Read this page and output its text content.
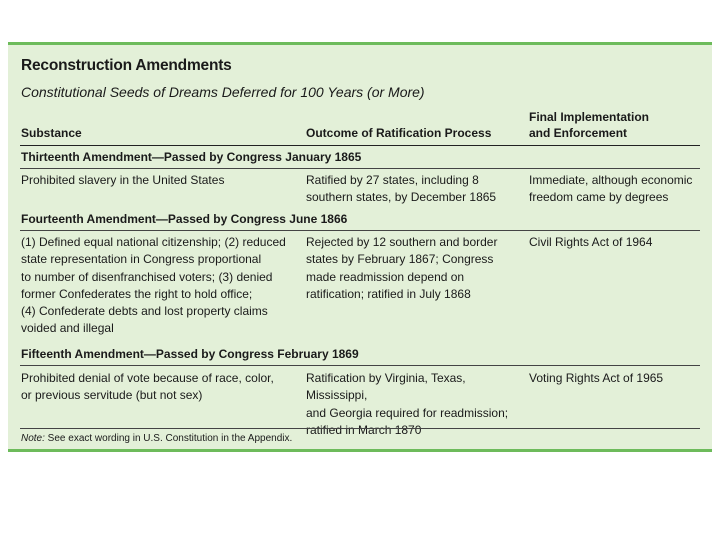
Reconstruction Amendments
Constitutional Seeds of Dreams Deferred for 100 Years (or More)
Substance	Outcome of Ratification Process
Final Implementation
and Enforcement
Thirteenth Amendment—Passed by Congress January 1865
Prohibited slavery in the United States	Ratified by 27 states, including 8
southern states, by December 1865
Immediate, although economic
freedom came by degrees
Fourteenth Amendment—Passed by Congress June 1866
(1) Defined equal national citizenship; (2) reduced
state representation in Congress proportional
to number of disenfranchised voters; (3) denied
former Confederates the right to hold office;
(4) Confederate debts and lost property claims
voided and illegal
Rejected by 12 southern and border
states by February 1867; Congress
made readmission depend on
ratification; ratified in July 1868
Civil Rights Act of 1964
Fifteenth Amendment—Passed by Congress February 1869
Prohibited denial of vote because of race, color,
or previous servitude (but not sex)
Ratification by Virginia, Texas, Mississippi,
and Georgia required for readmission;
ratified in March 1870
Voting Rights Act of 1965
Note: See exact wording in U.S. Constitution in the Appendix.
